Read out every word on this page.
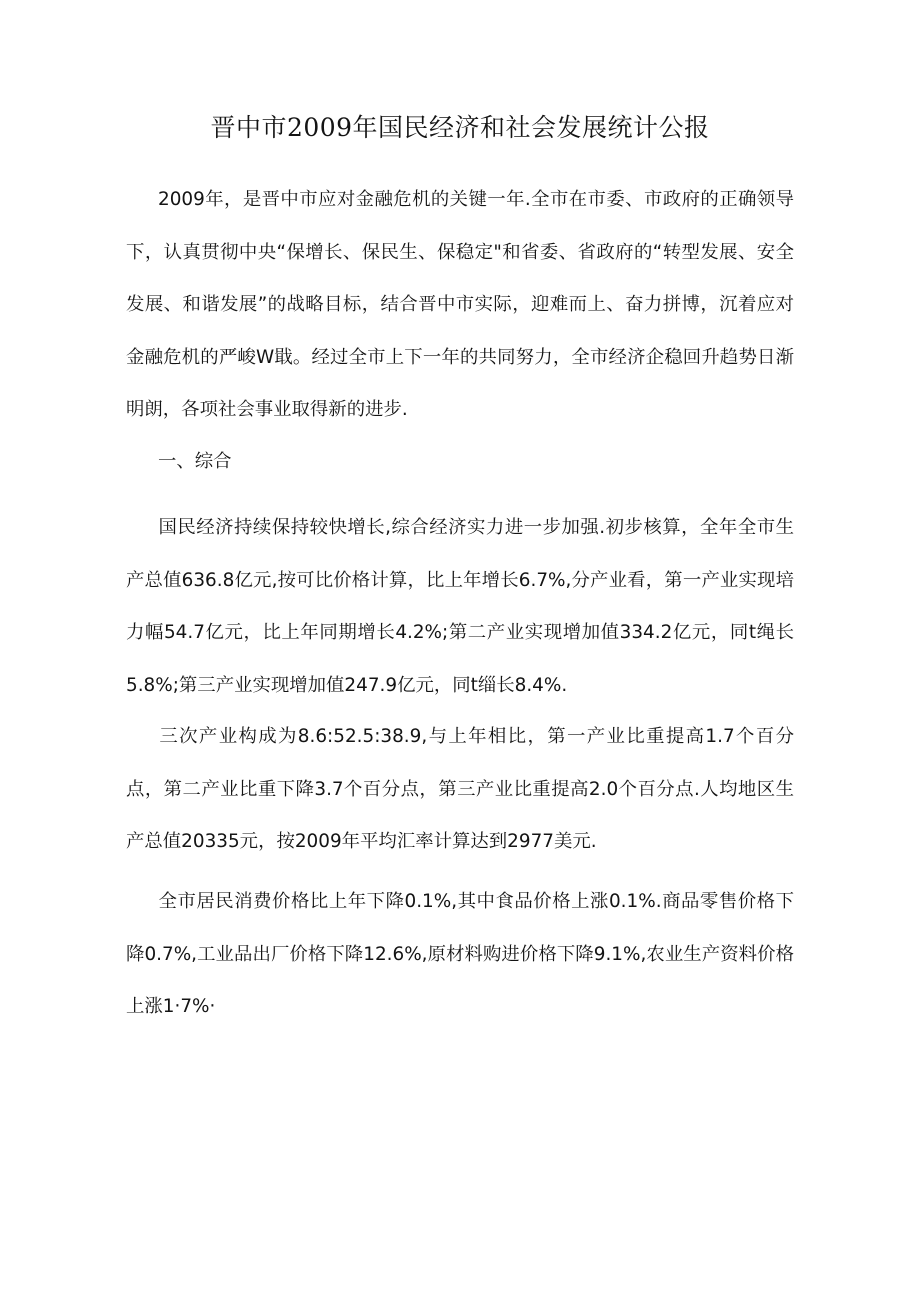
晋中市2009年国民经济和社会发展统计公报

2009年，是晋中市应对金融危机的关键一年.全市在市委、市政府的正确领导下，认真贯彻中央“保增长、保民生、保稳定"和省委、省政府的“转型发展、安全发展、和谐发展”的战略目标，结合晋中市实际，迎难而上、奋力拼博，沉着应对金融危机的严峻W戢。经过全市上下一年的共同努力，全市经济企稳回升趋势日渐明朗，各项社会事业取得新的进步.

一、综合

国民经济持续保持较快增长,综合经济实力进一步加强.初步核算，全年全市生产总值636.8亿元,按可比价格计算，比上年增长6.7%,分产业看，第一产业实现培力幅54.7亿元，比上年同期增长4.2%;第二产业实现增加值334.2亿元，同t绳长5.8%;第三产业实现增加值247.9亿元，同t缁长8.4%.

三次产业构成为8.6:52.5:38.9,与上年相比，第一产业比重提高1.7个百分点，第二产业比重下降3.7个百分点，第三产业比重提高2.0个百分点.人均地区生产总值20335元，按2009年平均汇率计算达到2977美元.

全市居民消费价格比上年下降0.1%,其中食品价格上涨0.1%.商品零售价格下降0.7%,工业品出厂价格下降12.6%,原材料购进价格下降9.1%,农业生产资料价格上涨1·7%·
